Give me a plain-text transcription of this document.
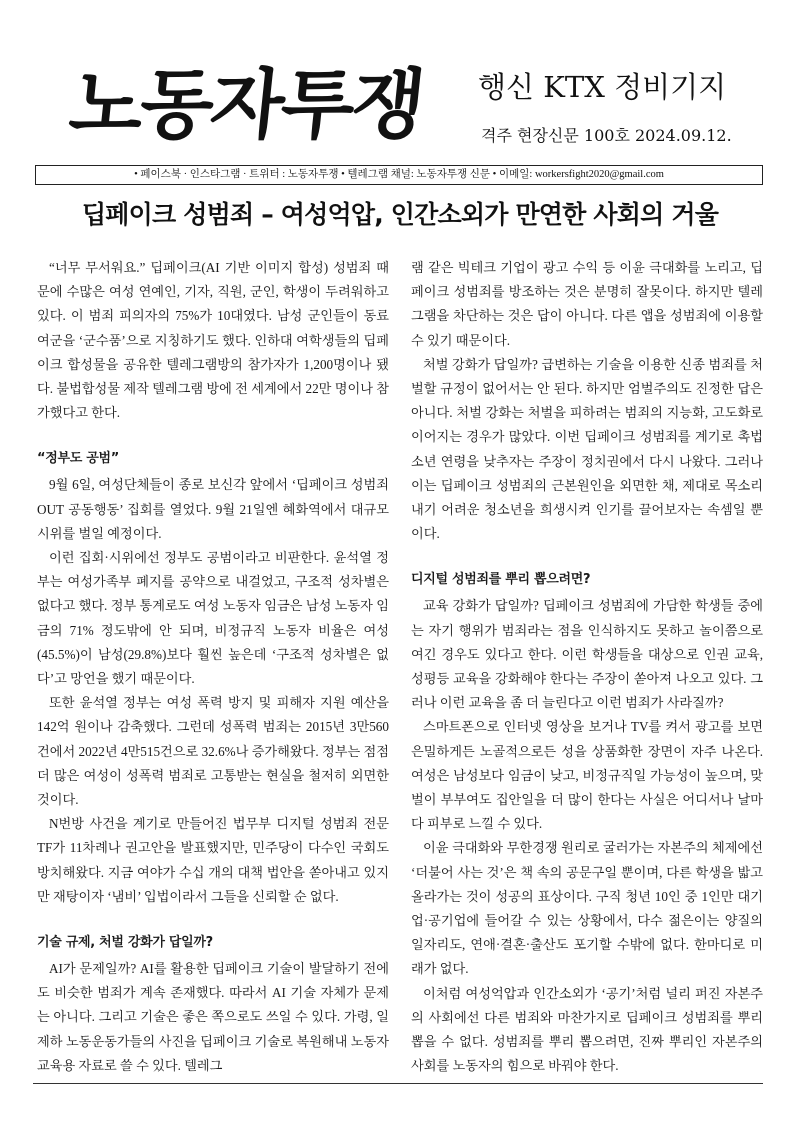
노동자투쟁 행신 KTX 정비기지
격주 현장신문 100호 2024.09.12.
• 페이스북 · 인스타그램 · 트위터 : 노동자투쟁 • 텔레그램 채널: 노동자투쟁 신문 • 이메일: workersfight2020@gmail.com
딥페이크 성범죄 – 여성억압, 인간소외가 만연한 사회의 거울

“너무 무서워요.” 딥페이크(AI 기반 이미지 합성) 성범죄 때문에 수많은 여성 연예인, 기자, 직원, 군인, 학생이 두려워하고 있다. 이 범죄 피의자의 75%가 10대였다. 남성 군인들이 동료 여군을 ‘군수품’으로 지칭하기도 했다. 인하대 여학생들의 딥페이크 합성물을 공유한 텔레그램방의 참가자가 1,200명이나 됐다. 불법합성물 제작 텔레그램 방에 전 세계에서 22만 명이나 참가했다고 한다.

“정부도 공범”

9월 6일, 여성단체들이 종로 보신각 앞에서 ‘딥페이크 성범죄 OUT 공동행동’ 집회를 열었다. 9월 21일엔 혜화역에서 대규모 시위를 벌일 예정이다.

이런 집회·시위에선 정부도 공범이라고 비판한다. 윤석열 정부는 여성가족부 폐지를 공약으로 내걸었고, 구조적 성차별은 없다고 했다. 정부 통계로도 여성 노동자 임금은 남성 노동자 임금의 71% 정도밖에 안 되며, 비정규직 노동자 비율은 여성(45.5%)이 남성(29.8%)보다 훨씬 높은데 ‘구조적 성차별은 없다’고 망언을 했기 때문이다.

또한 윤석열 정부는 여성 폭력 방지 및 피해자 지원 예산을 142억 원이나 감축했다. 그런데 성폭력 범죄는 2015년 3만560건에서 2022년 4만515건으로 32.6%나 증가해왔다. 정부는 점점 더 많은 여성이 성폭력 범죄로 고통받는 현실을 철저히 외면한 것이다.

N번방 사건을 계기로 만들어진 법무부 디지털 성범죄 전문 TF가 11차례나 권고안을 발표했지만, 민주당이 다수인 국회도 방치해왔다. 지금 여야가 수십 개의 대책 법안을 쏟아내고 있지만 재탕이자 ‘냄비’ 입법이라서 그들을 신뢰할 순 없다.

기술 규제, 처벌 강화가 답일까?

AI가 문제일까? AI를 활용한 딥페이크 기술이 발달하기 전에도 비슷한 범죄가 계속 존재했다. 따라서 AI 기술 자체가 문제는 아니다. 그리고 기술은 좋은 쪽으로도 쓰일 수 있다. 가령, 일제하 노동운동가들의 사진을 딥페이크 기술로 복원해내 노동자 교육용 자료로 쓸 수 있다. 텔레그

램 같은 빅테크 기업이 광고 수익 등 이윤 극대화를 노리고, 딥페이크 성범죄를 방조하는 것은 분명히 잘못이다. 하지만 텔레그램을 차단하는 것은 답이 아니다. 다른 앱을 성범죄에 이용할 수 있기 때문이다.

처벌 강화가 답일까? 급변하는 기술을 이용한 신종 범죄를 처벌할 규정이 없어서는 안 된다. 하지만 엄벌주의도 진정한 답은 아니다. 처벌 강화는 처벌을 피하려는 범죄의 지능화, 고도화로 이어지는 경우가 많았다. 이번 딥페이크 성범죄를 계기로 촉법소년 연령을 낮추자는 주장이 정치권에서 다시 나왔다. 그러나 이는 딥페이크 성범죄의 근본원인을 외면한 채, 제대로 목소리 내기 어려운 청소년을 희생시켜 인기를 끌어보자는 속셈일 뿐이다.

디지털 성범죄를 뿌리 뽑으려면?

교육 강화가 답일까? 딥페이크 성범죄에 가담한 학생들 중에는 자기 행위가 범죄라는 점을 인식하지도 못하고 놀이쯤으로 여긴 경우도 있다고 한다. 이런 학생들을 대상으로 인권 교육, 성평등 교육을 강화해야 한다는 주장이 쏟아져 나오고 있다. 그러나 이런 교육을 좀 더 늘린다고 이런 범죄가 사라질까?

스마트폰으로 인터넷 영상을 보거나 TV를 켜서 광고를 보면 은밀하게든 노골적으로든 성을 상품화한 장면이 자주 나온다. 여성은 남성보다 임금이 낮고, 비정규직일 가능성이 높으며, 맞벌이 부부여도 집안일을 더 많이 한다는 사실은 어디서나 날마다 피부로 느낄 수 있다.

이윤 극대화와 무한경쟁 원리로 굴러가는 자본주의 체제에선 ‘더불어 사는 것’은 책 속의 공문구일 뿐이며, 다른 학생을 밟고 올라가는 것이 성공의 표상이다. 구직 청년 10인 중 1인만 대기업·공기업에 들어갈 수 있는 상황에서, 다수 젊은이는 양질의 일자리도, 연애·결혼·출산도 포기할 수밖에 없다. 한마디로 미래가 없다.

이처럼 여성억압과 인간소외가 ‘공기’처럼 널리 퍼진 자본주의 사회에선 다른 범죄와 마찬가지로 딥페이크 성범죄를 뿌리 뽑을 수 없다. 성범죄를 뿌리 뽑으려면, 진짜 뿌리인 자본주의 사회를 노동자의 힘으로 바꿔야 한다.
